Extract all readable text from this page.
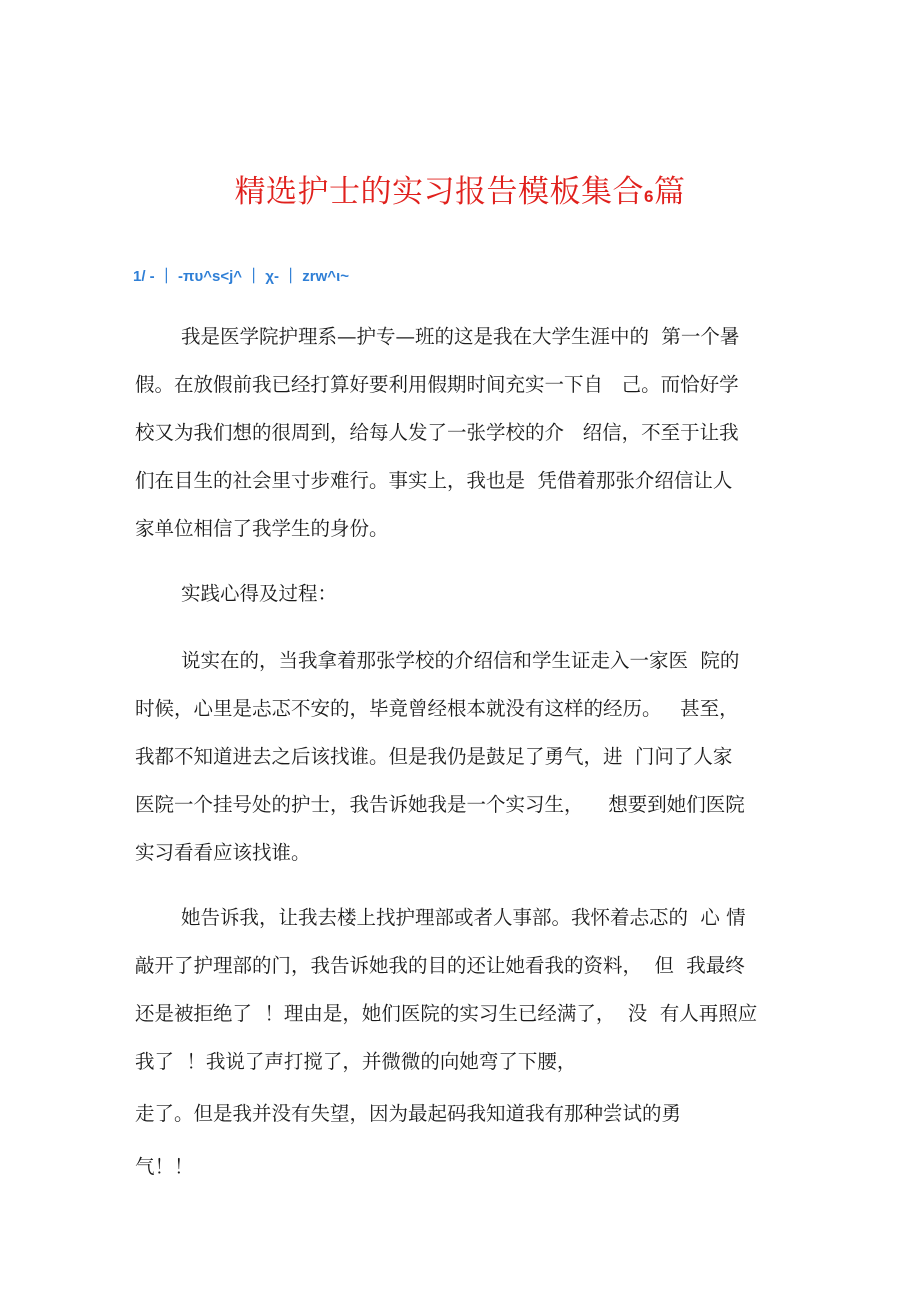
精选护士的实习报告模板集合6篇
1/ - ｜ -πυ^s<j^ ｜ χ- ｜ zrw^ι~
我是医学院护理系—护专—班的这是我在大学生涯中的  第一个暑
假。在放假前我已经打算好要利用假期时间充实一下自   己。而恰好学
校又为我们想的很周到，给每人发了一张学校的介   绍信，不至于让我
们在目生的社会里寸步难行。事实上，我也是  凭借着那张介绍信让人
家单位相信了我学生的身份。
实践心得及过程：
说实在的，当我拿着那张学校的介绍信和学生证走入一家医  院的
时候，心里是忐忑不安的，毕竟曾经根本就没有这样的经历。   甚至，
我都不知道进去之后该找谁。但是我仍是鼓足了勇气，进  门问了人家
医院一个挂号处的护士，我告诉她我是一个实习生，    想要到她们医院
实习看看应该找谁。
她告诉我，让我去楼上找护理部或者人事部。我怀着忐忑的  心 情
敲开了护理部的门，我告诉她我的目的还让她看我的资料，  但  我最终
还是被拒绝了  ！理由是，她们医院的实习生已经满了，  没  有人再照应
我了  ！我说了声打搅了，并微微的向她弯了下腰，
走了。但是我并没有失望，因为最起码我知道我有那种尝试的勇
气！！
